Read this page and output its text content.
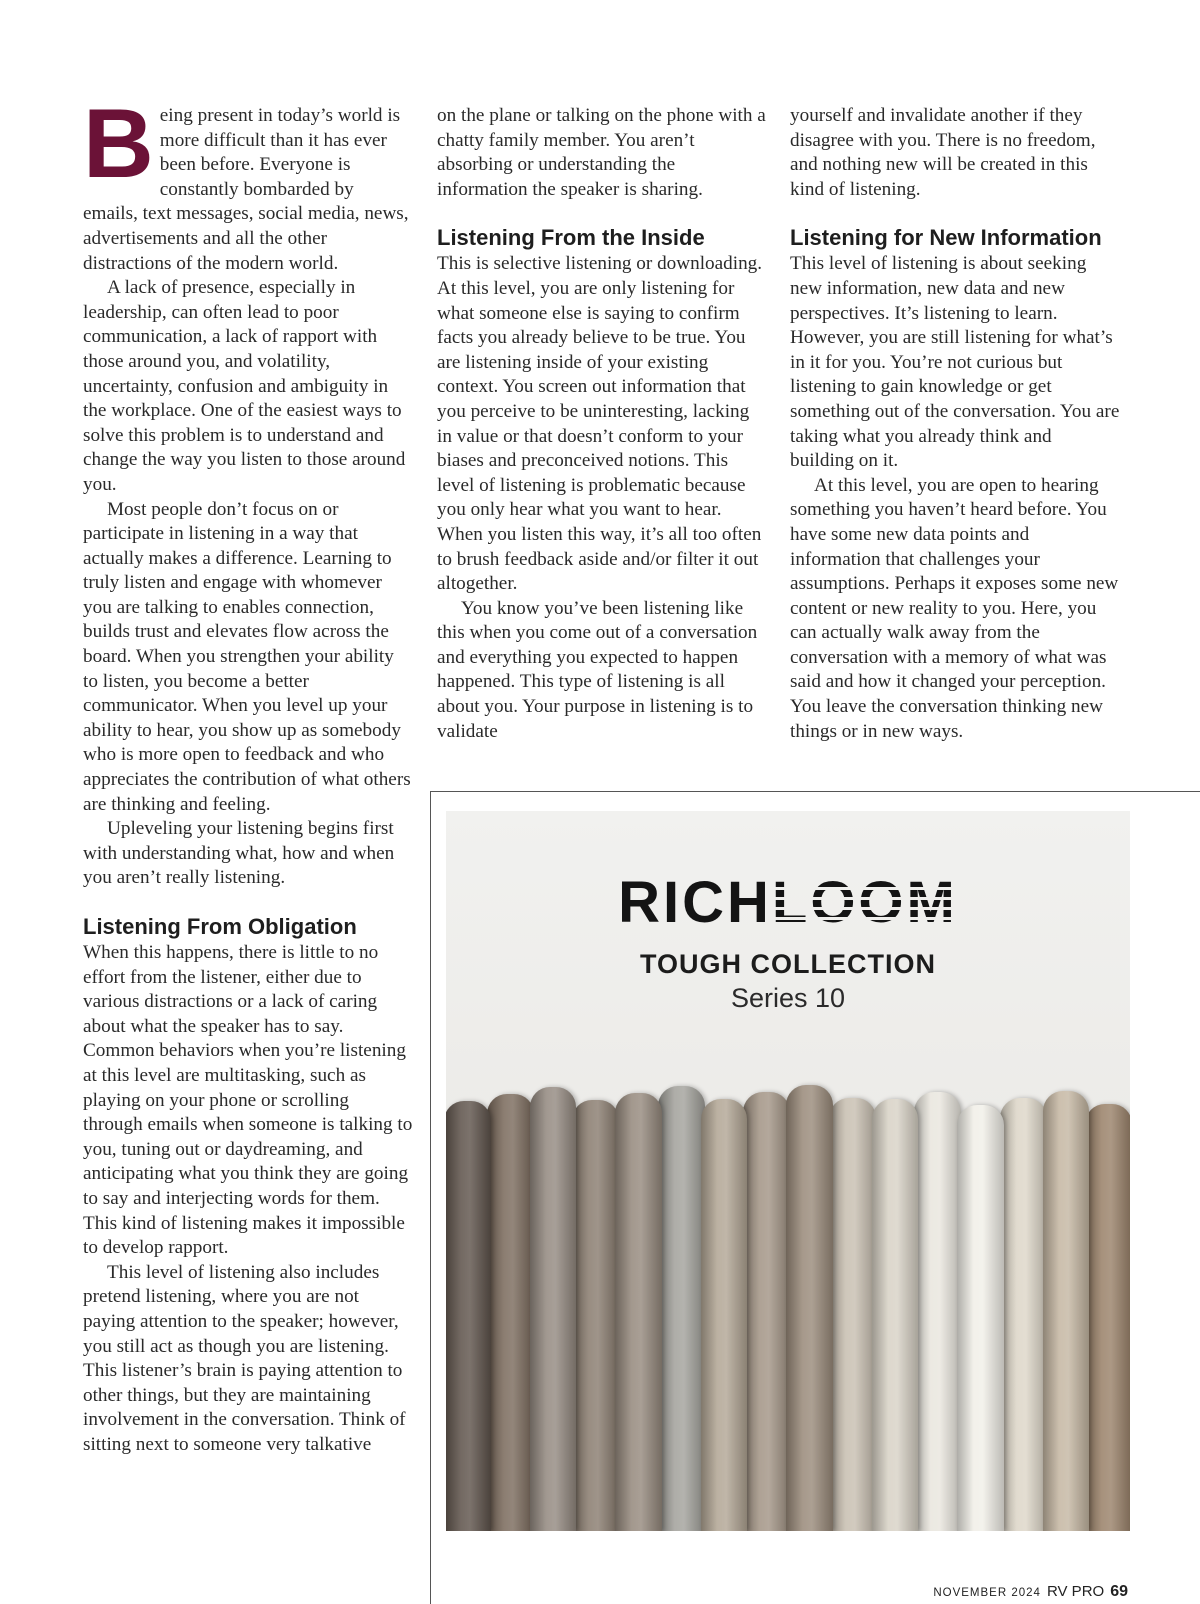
B eing present in today’s world is more difficult than it has ever been before. Everyone is constantly bombarded by emails, text messages, social media, news, advertisements and all the other distractions of the modern world.

A lack of presence, especially in leadership, can often lead to poor communication, a lack of rapport with those around you, and volatility, uncertainty, confusion and ambiguity in the workplace. One of the easiest ways to solve this problem is to understand and change the way you listen to those around you.

Most people don’t focus on or participate in listening in a way that actually makes a difference. Learning to truly listen and engage with whomever you are talking to enables connection, builds trust and elevates flow across the board. When you strengthen your ability to listen, you become a better communicator. When you level up your ability to hear, you show up as somebody who is more open to feedback and who appreciates the contribution of what others are thinking and feeling.

Upleveling your listening begins first with understanding what, how and when you aren’t really listening.

Listening From Obligation

When this happens, there is little to no effort from the listener, either due to various distractions or a lack of caring about what the speaker has to say. Common behaviors when you’re listening at this level are multitasking, such as playing on your phone or scrolling through emails when someone is talking to you, tuning out or daydreaming, and anticipating what you think they are going to say and interjecting words for them. This kind of listening makes it impossible to develop rapport.

This level of listening also includes pretend listening, where you are not paying attention to the speaker; however, you still act as though you are listening. This listener’s brain is paying attention to other things, but they are maintaining involvement in the conversation. Think of sitting next to someone very talkative

on the plane or talking on the phone with a chatty family member. You aren’t absorbing or understanding the information the speaker is sharing.

Listening From the Inside

This is selective listening or downloading. At this level, you are only listening for what someone else is saying to confirm facts you already believe to be true. You are listening inside of your existing context. You screen out information that you perceive to be uninteresting, lacking in value or that doesn’t conform to your biases and preconceived notions. This level of listening is problematic because you only hear what you want to hear. When you listen this way, it’s all too often to brush feedback aside and/or filter it out altogether.

You know you’ve been listening like this when you come out of a conversation and everything you expected to happen happened. This type of listening is all about you. Your purpose in listening is to validate

yourself and invalidate another if they disagree with you. There is no freedom, and nothing new will be created in this kind of listening.

Listening for New Information

This level of listening is about seeking new information, new data and new perspectives. It’s listening to learn. However, you are still listening for what’s in it for you. You’re not curious but listening to gain knowledge or get something out of the conversation. You are taking what you already think and building on it.

At this level, you are open to hearing something you haven’t heard before. You have some new data points and information that challenges your assumptions. Perhaps it exposes some new content or new reality to you. Here, you can actually walk away from the conversation with a memory of what was said and how it changed your perception. You leave the conversation thinking new things or in new ways.

RICHLOOM
TOUGH COLLECTION
Series 10
NOVEMBER 2024 RV PRO 69
